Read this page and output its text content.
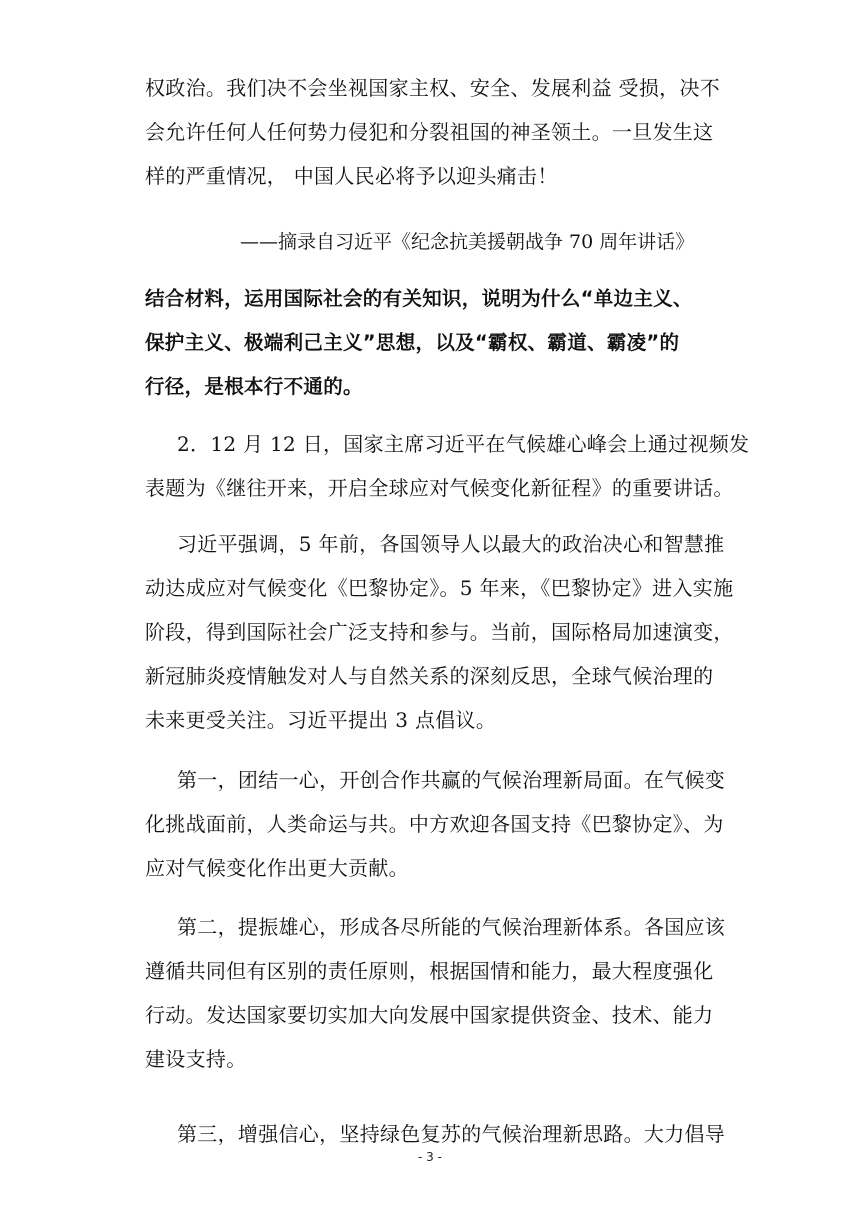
权政治。我们决不会坐视国家主权、安全、发展利益 受损，决不
会允许任何人任何势力侵犯和分裂祖国的神圣领土。一旦发生这
样的严重情况， 中国人民必将予以迎头痛击！
——摘录自习近平《纪念抗美援朝战争 70 周年讲话》
结合材料，运用国际社会的有关知识，说明为什么“单边主义、
保护主义、极端利己主义”思想，以及“霸权、霸道、霸凌”的
行径，是根本行不通的。
2．12 月 12 日，国家主席习近平在气候雄心峰会上通过视频发
表题为《继往开来，开启全球应对气候变化新征程》的重要讲话。
习近平强调，5 年前，各国领导人以最大的政治决心和智慧推
动达成应对气候变化《巴黎协定》。5 年来，《巴黎协定》进入实施
阶段，得到国际社会广泛支持和参与。当前，国际格局加速演变，
新冠肺炎疫情触发对人与自然关系的深刻反思，全球气候治理的
未来更受关注。习近平提出 3 点倡议。
第一，团结一心，开创合作共赢的气候治理新局面。在气候变
化挑战面前，人类命运与共。中方欢迎各国支持《巴黎协定》、为
应对气候变化作出更大贡献。
第二，提振雄心，形成各尽所能的气候治理新体系。各国应该
遵循共同但有区别的责任原则，根据国情和能力，最大程度强化
行动。发达国家要切实加大向发展中国家提供资金、技术、能力
建设支持。
第三，增强信心，坚持绿色复苏的气候治理新思路。大力倡导
- 3 -
